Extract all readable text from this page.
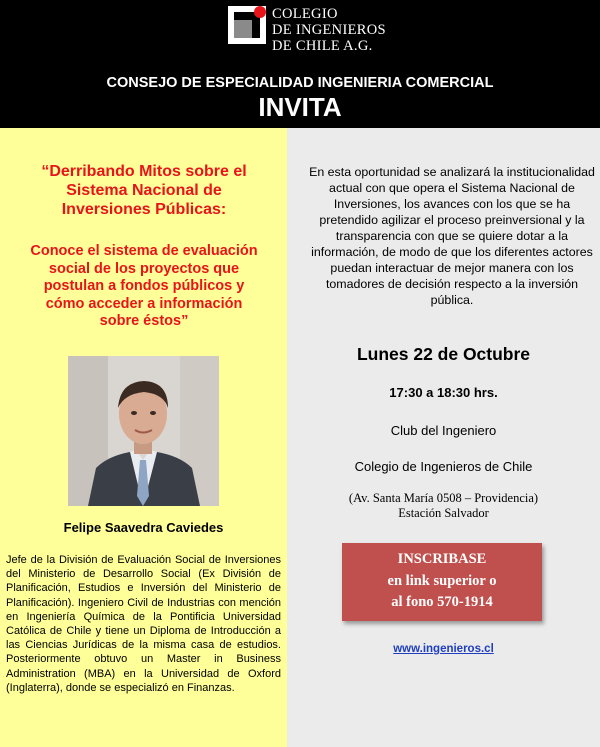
COLEGIO
DE INGENIEROS
DE CHILE A.G.
CONSEJO DE ESPECIALIDAD INGENIERIA COMERCIAL
INVITA
“Derribando Mitos sobre el
Sistema Nacional de
Inversiones Públicas:
Conoce el sistema de evaluación
social de los proyectos que
postulan a fondos públicos y
cómo acceder a información
sobre éstos”
Felipe Saavedra Caviedes
Jefe de la División de Evaluación Social de Inversiones del Ministerio de Desarrollo Social (Ex División de Planificación, Estudios e Inversión del Ministerio de Planificación). Ingeniero Civil de Industrias con mención en Ingeniería Química de la Pontificia Universidad Católica de Chile y tiene un Diploma de Introducción a las Ciencias Jurídicas de la misma casa de estudios. Posteriormente obtuvo un Master in Business Administration (MBA) en la Universidad de Oxford (Inglaterra), donde se especializó en Finanzas.
En esta oportunidad se analizará la institucionalidad actual con que opera el Sistema Nacional de Inversiones, los avances con los que se ha pretendido agilizar el proceso preinversional y la transparencia con que se quiere dotar a la información, de modo de que los diferentes actores puedan interactuar de mejor manera con los tomadores de decisión respecto a la inversión pública.
Lunes 22 de Octubre
17:30 a 18:30 hrs.
Club del Ingeniero
Colegio de Ingenieros de Chile
(Av. Santa María 0508 – Providencia)
Estación Salvador
INSCRIBASE
en link superior o
al fono 570-1914
www.ingenieros.cl
